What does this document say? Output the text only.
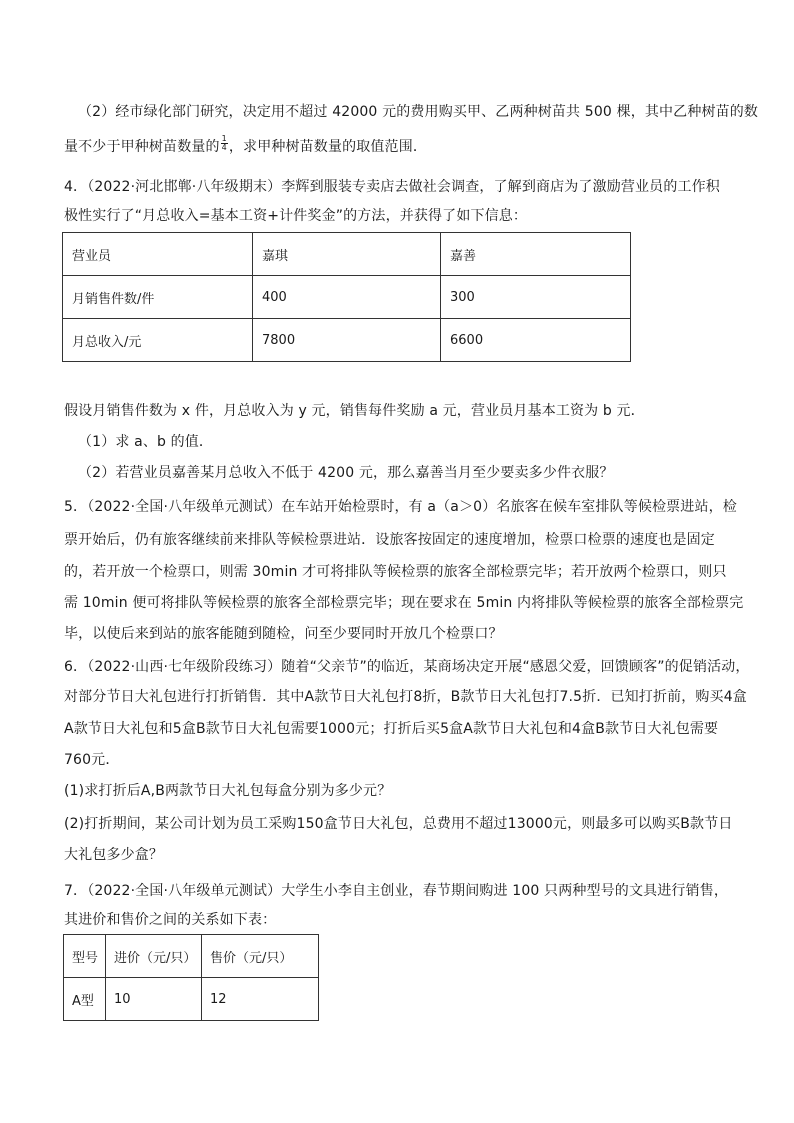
（2）经市绿化部门研究，决定用不超过 42000 元的费用购买甲、乙两种树苗共 500 棵，其中乙种树苗的数
量不少于甲种树苗数量的 $\frac{1}{4}$ ，求甲种树苗数量的取值范围．
4．（2022·河北邯郸·八年级期末）李辉到服装专卖店去做社会调查，了解到商店为了激励营业员的工作积
极性实行了“月总收入=基本工资+计件奖金”的方法，并获得了如下信息：
营业员	嘉琪	嘉善
月销售件数/件	400	300
月总收入/元	7800	6600
假设月销售件数为 x 件，月总收入为 y 元，销售每件奖励 a 元，营业员月基本工资为 b 元．
（1）求 a、b 的值．
（2）若营业员嘉善某月总收入不低于 4200 元，那么嘉善当月至少要卖多少件衣服？
5．（2022·全国·八年级单元测试）在车站开始检票时，有 a（a＞0）名旅客在候车室排队等候检票进站，检
票开始后，仍有旅客继续前来排队等候检票进站．设旅客按固定的速度增加，检票口检票的速度也是固定
的，若开放一个检票口，则需 30min 才可将排队等候检票的旅客全部检票完毕；若开放两个检票口，则只
需 10min 便可将排队等候检票的旅客全部检票完毕；现在要求在 5min 内将排队等候检票的旅客全部检票完
毕，以使后来到站的旅客能随到随检，问至少要同时开放几个检票口？
6．（2022·山西·七年级阶段练习）随着“父亲节”的临近，某商场决定开展“感恩父爱，回馈顾客”的促销活动，
对部分节日大礼包进行打折销售．其中A款节日大礼包打8折，B款节日大礼包打7.5折．已知打折前，购买4盒
A款节日大礼包和5盒B款节日大礼包需要1000元；打折后买5盒A款节日大礼包和4盒B款节日大礼包需要
760元．
(1)求打折后A,B两款节日大礼包每盒分别为多少元？
(2)打折期间，某公司计划为员工采购150盒节日大礼包，总费用不超过13000元，则最多可以购买B款节日
大礼包多少盒？
7．（2022·全国·八年级单元测试）大学生小李自主创业，春节期间购进 100 只两种型号的文具进行销售，
其进价和售价之间的关系如下表：
型号	进价（元/只）	售价（元/只）
A型	10	12
